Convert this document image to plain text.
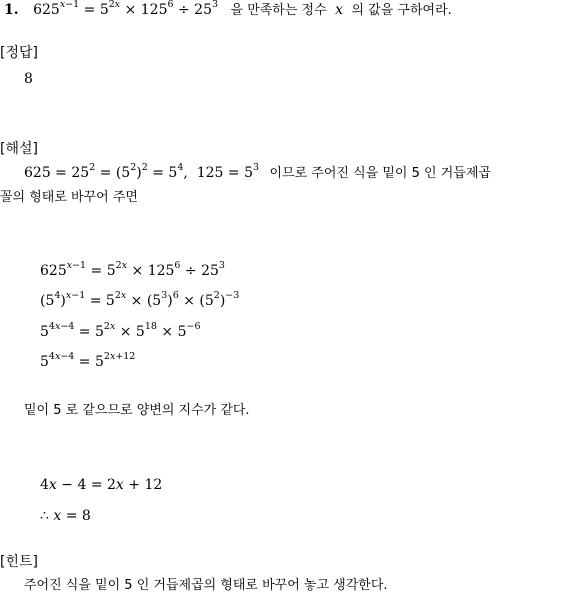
1. $625^{x-1} = 5^{2x} \times 125^6 \div 25^3$ 을 만족하는 정수 x 의 값을 구하여라.
[정답]
8
[해설]
$625 = 25^2 = (5^2)^2 = 5^4$,  $125 = 5^3$ 이므로 주어진 식을 밑이 5 인 거듭제곱
꼴의 형태로 바꾸어 주면
$625^{x-1} = 5^{2x} \times 125^6 \div 25^3$
$(5^4)^{x-1} = 5^{2x} \times (5^3)^6 \times (5^2)^{-3}$
$5^{4x-4} = 5^{2x} \times 5^{18} \times 5^{-6}$
$5^{4x-4} = 5^{2x+12}$
밑이 5 로 같으므로 양변의 지수가 같다.
4x − 4 = 2x + 12
∴ x = 8
[힌트]
주어진 식을 밑이 5 인 거듭제곱의 형태로 바꾸어 놓고 생각한다.
